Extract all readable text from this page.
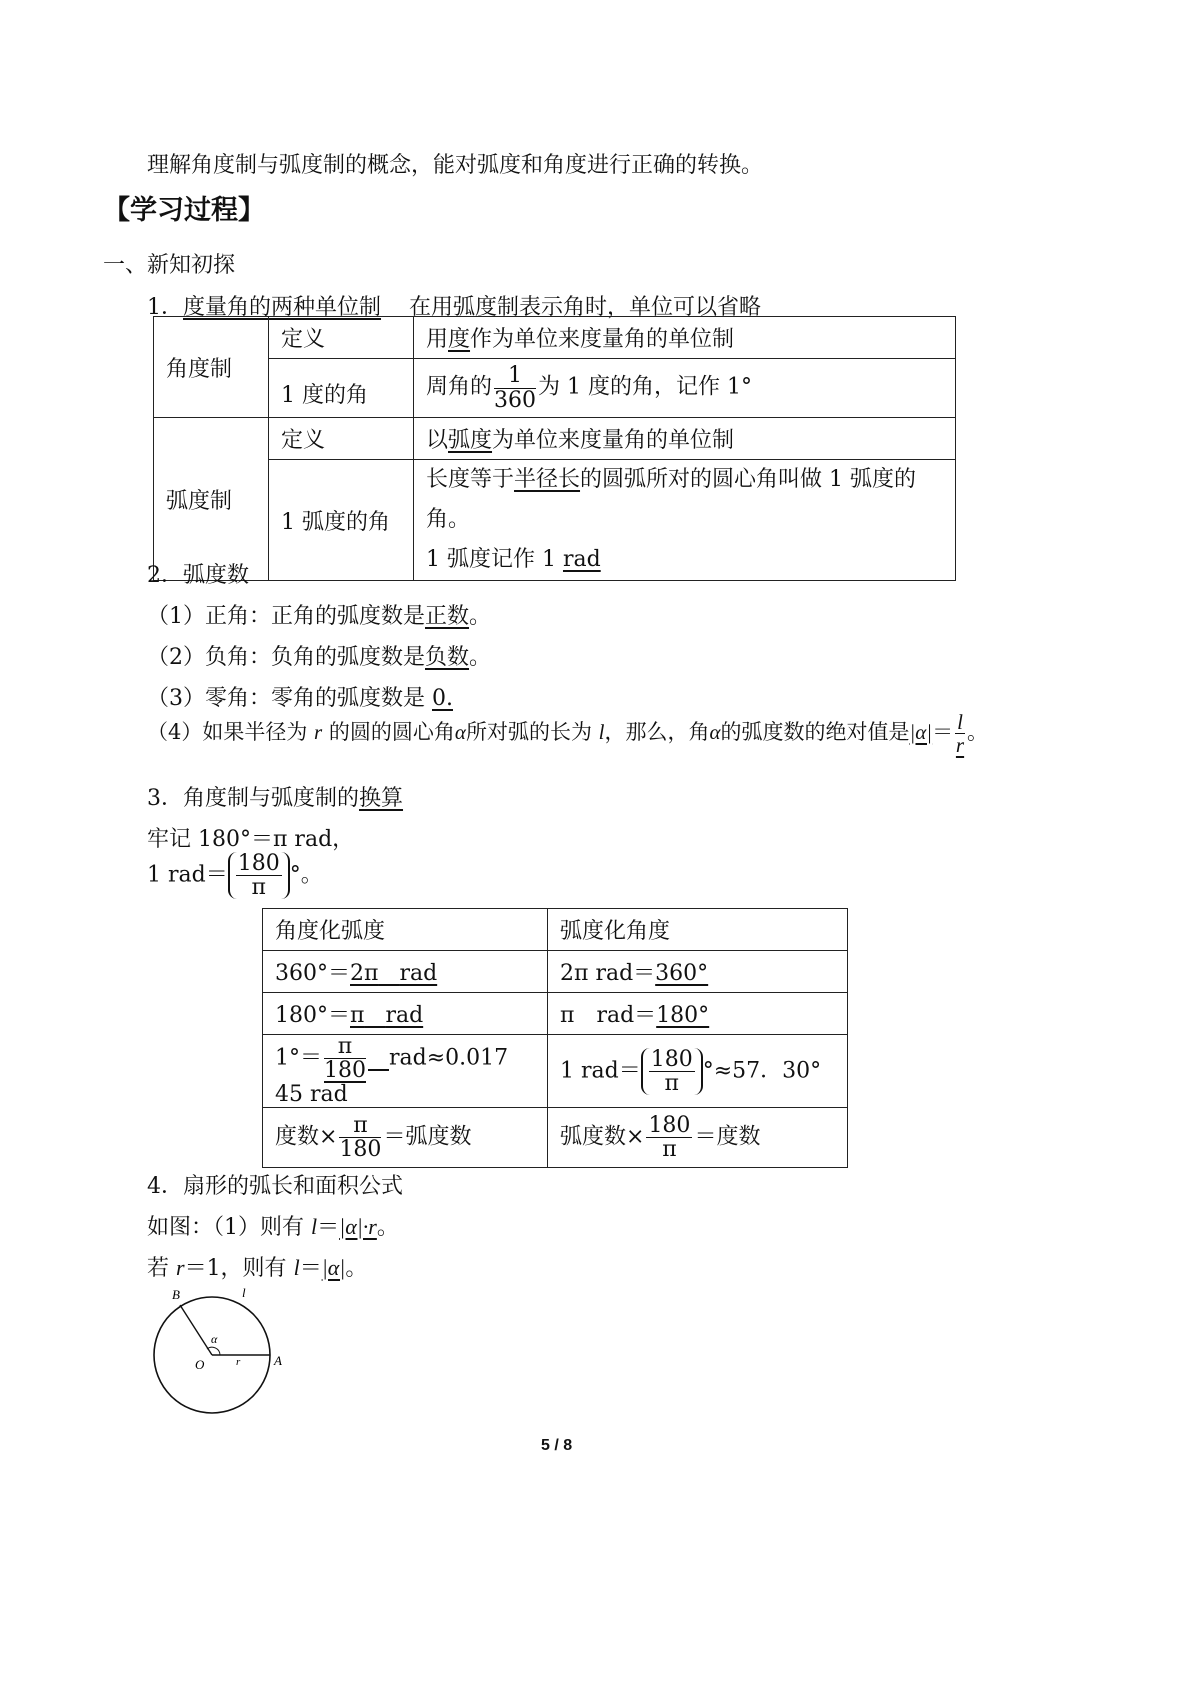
理解角度制与弧度制的概念，能对弧度和角度进行正确的转换。
【学习过程】
一、新知初探
1．度量角的两种单位制 在用弧度制表示角时，单位可以省略
角度制	定义	用度作为单位来度量角的单位制
	1 度的角	周角的 $\frac{1}{360}$ 为 1 度的角，记作 1°
弧度制	定义	以弧度为单位来度量角的单位制
	1 弧度的角	长度等于半径长的圆弧所对的圆心角叫做 1 弧度的角。
1 弧度记作 1 rad
2．弧度数
（1）正角：正角的弧度数是正数。
（2）负角：负角的弧度数是负数。
（3）零角：零角的弧度数是 0.
（4）如果半径为 r 的圆的圆心角α所对弧的长为 l，那么，角α的弧度数的绝对值是$|\alpha|= \frac{l}{r}$ 。
3．角度制与弧度制的换算
牢记 180°＝π rad，
1 $rad= \frac{180}{\pi}$ °。
角度化弧度	弧度化角度
360°＝2π rad	2π rad＝360°
180°＝π rad	π　rad＝180°
$1^\circ= \frac{\pi}{180} rad\approx 0.017$ 45 rad	1 $rad= \frac{180}{\pi} ^\circ\approx 57$．30°
度数× $\frac{\pi}{180}$ ＝弧度数	弧度数× $\frac{180}{\pi}$ ＝度数
4．扇形的弧长和面积公式
如图：（1）则有 l＝|α|·r。
若 r＝1，则有 l＝|α|。
B	l
α
O	r	A
5 / 8
